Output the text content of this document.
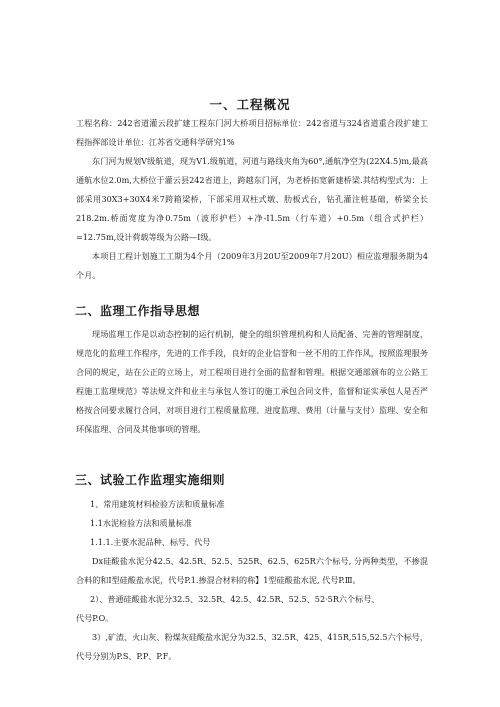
一、工程概况

工程名称：242省道灌云段扩建工程东门河大桥项目招标单位：242省道与324省道重合段扩建工程指挥部设计单位：江苏省交通科学研究1%

东门河为规划V级航道，现为V1.级航道，河道与路线夹角为60°,通航净空为(22X4.5)m,最高通航水位2.0m,大桥位于灌云县242省道上，跨越东门河，为老桥拓宽新建桥梁.其结构型式为：上部采用30X3+30X4米7跨箱梁桥，下部采用双柱式墩、肋板式台，钻孔灌注桩基础，桥梁全长218.2m.桥面宽度为净0.75m（波形护栏）+净-I1.5m（行车道）+0.5m（组合式护栏）=12.75m,设计荷载等级为公路—I级。

本项目工程计划施工工期为4个月（2009年3月20U至2009年7月20U）相应监理服务期为4个月。

二、监理工作指导思想

现场监理工作是以动态控制的运行机制，健全的组织管理机构和人员配备、完善的管理制度，规范化的监理工作程序，先进的工作手段，良好的企业信誉和一丝不用的工作作风，按照监理服务合同的规定，站在公正的立场上，对工程项目进行全面的监督和管理。根据交通部颁布的立公路工程施工监理规范》等法规文件和业主与承包人签订的施工承包合同文件，监督和证实承包人是否严格按合同要求履行合同，对项目进行工程质量监理、进度监理、费用（计量与支付）监理、安全和环保监理、合同及其他事项的管理。

三、试验工作监理实施细则
1、常用建筑材料检验方法和质量标准
1.1水泥检验方法和质量标准
1.1.1.主要水泥品种、标号、代号

Dx硅酸盐水泥分42.5、42.5R、52.5、525R、62.5、625R六个标号, 分两种类型，不掺混合料的和I型硅酸盐水泥，代号P.1.掺混合材料的称】1型硅酸盐水泥, 代号P.Ⅲ。

2）、普通硅酸盐水泥分32.5、32.5R、42.5、42.5R、52.5、52·5R六个标号、
代号P.O。

3）,矿渣、火山灰、粉煤灰硅酸盐水泥分为32.5、32.5R、425、415R,515,52.5六个标号，代号分别为P.S、P.P、P.F。
